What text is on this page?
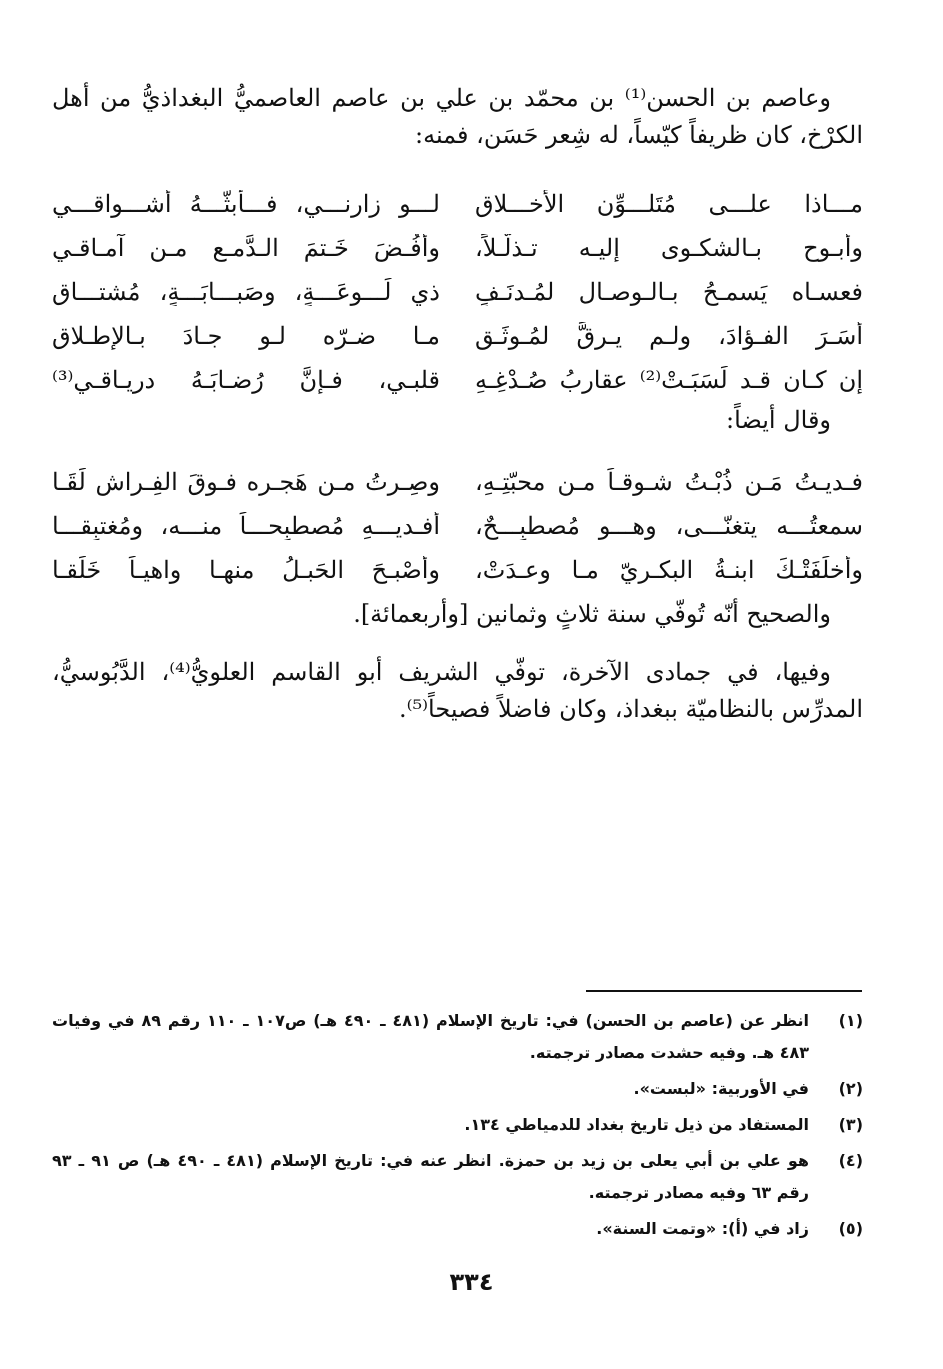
وعاصم بن الحسن⁽¹⁾ بن محمّد بن علي بن عاصم العاصميُّ البغداذيُّ من أهل الكرْخ، كان ظريفاً كيّساً، له شِعر حَسَن، فمنه:

مـــاذا علـــى مُتَلـــوِّنِ الأخـــلاقِ
لـــو زارنـــي، فـــأبثّـــهُ أشـــواقـــي
وأبـوح بـالشكـوى إليـه تـذلُّـلاً،
وأفُـضَ خَـتمَ الـدَّمـع مـن آمـاقـي
فعسـاه يَسمـحُ بـالـوصـالِ لمُـدنَـفٍ
ذي لَـــوعَـــةٍ، وصَبـــابَـــةٍ، مُشتـــاقِ
أسَـرَ الفـؤادَ، ولـم يـرِقَّ لمُـوثَـقٍ
مـا ضـرّه لـو جـادَ بـالإطـلاقِ
إن كـان قـد لَسَبَـتْ⁽²⁾ عقاربُ صُـدْغِـهِ
قلبـي، فـإنَّ رُضـابَـهُ دريـاقـي⁽³⁾

وقال أيضاً:

فـديـتُ مَـن ذُبْـتُ شـوقـاً مـن محبّتِـهِ،
وصِـرتُ مـن هَجـرِه فـوقَ الفِـراش لَقَـا
سمعتُـــه يتغنّـــى، وهـــو مُصطبِـــحٌ،
أفـديـــهِ مُصطبِحـــاً منـــه، ومُغتبِقـــا
وأخلَفَتْـكَ ابنـةُ البكـريّ مـا وعـدَتْ،
وأصْبـحَ الحَبـلُ منهـا واهيـاً خَلَقـا

والصحيح أنّه تُوفّي سنة ثلاثٍ وثمانين [وأربعمائة].

وفيها، في جمادى الآخرة، توفّي الشريف أبو القاسم العلويُّ⁽⁴⁾، الدَّبُوسيُّ، المدرِّس بالنظاميّة ببغداذ، وكان فاضلاً فصيحاً⁽⁵⁾.

(١)
انظر عن (عاصم بن الحسن) في: تاريخ الإسلام (٤٨١ ـ ٤٩٠ هـ) ص١٠٧ ـ ١١٠ رقم ٨٩ في وفيات ٤٨٣ هـ. وفيه حشدت مصادر ترجمته.
(٢)
في الأوربية: «لبست».
(٣)
المستفاد من ذيل تاريخ بغداد للدمياطي ١٣٤.
(٤)
هو علي بن أبي يعلى بن زيد بن حمزة. انظر عنه في: تاريخ الإسلام (٤٨١ ـ ٤٩٠ هـ) ص ٩١ ـ ٩٣ رقم ٦٣ وفيه مصادر ترجمته.
(٥)
زاد في (أ): «وتمت السنة».
٣٣٤
